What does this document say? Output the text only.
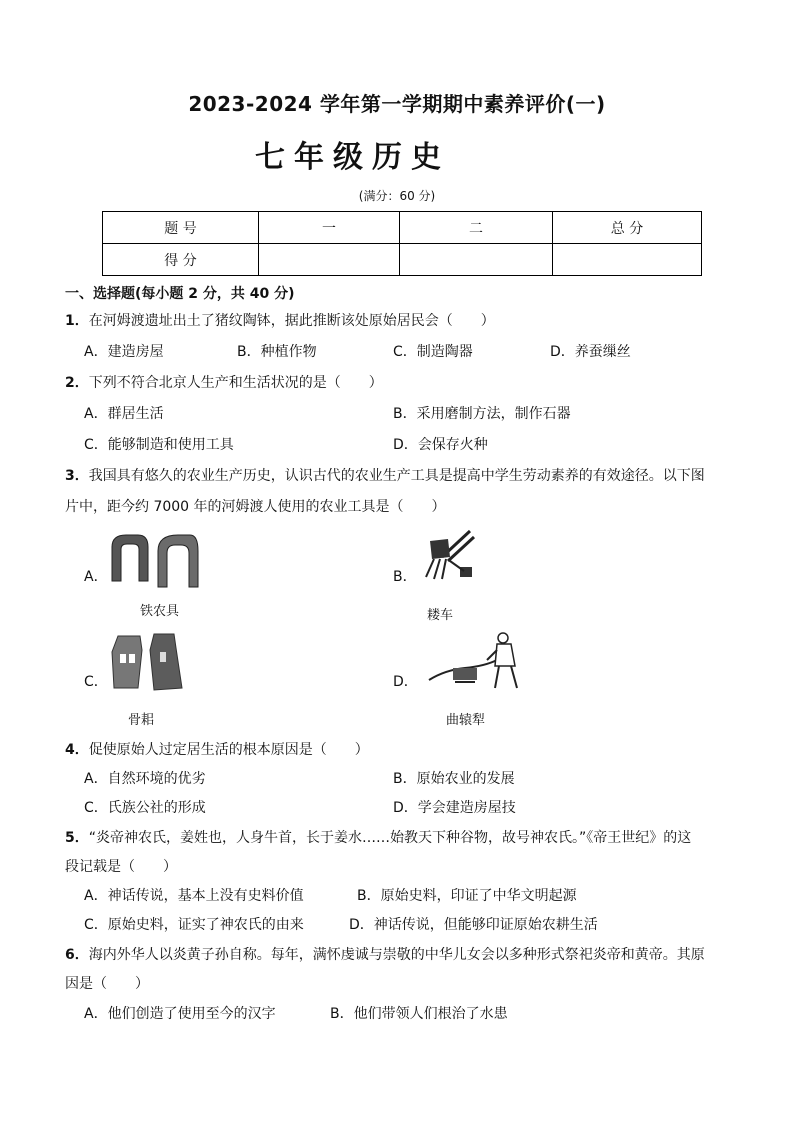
2023-2024 学年第一学期期中素养评价(一)
七年级历史
(满分：60 分)
题 号	一	二	总 分
得 分			
一、选择题(每小题 2 分，共 40 分)
1．在河姆渡遗址出土了猪纹陶钵，据此推断该处原始居民会（　　）
A．建造房屋	B．种植作物	C．制造陶器	D．养蚕缫丝
2．下列不符合北京人生产和生活状况的是（　　）
A．群居生活	B．采用磨制方法，制作石器
C．能够制造和使用工具	D．会保存火种
3．我国具有悠久的农业生产历史，认识古代的农业生产工具是提高中学生劳动素养的有效途径。以下图
片中，距今约 7000 年的河姆渡人使用的农业工具是（　　）
A．
铁农具
B．
耧车
C．
骨耜
D．
曲辕犁
4．促使原始人过定居生活的根本原因是（　　）
A．自然环境的优劣	B．原始农业的发展
C．氏族公社的形成	D．学会建造房屋技
5．“炎帝神农氏，姜姓也，人身牛首，长于姜水……始教天下种谷物，故号神农氏。”《帝王世纪》的这
段记载是（　　）
A．神话传说，基本上没有史料价值	B．原始史料，印证了中华文明起源
C．原始史料，证实了神农氏的由来	D．神话传说，但能够印证原始农耕生活
6．海内外华人以炎黄子孙自称。每年，满怀虔诚与崇敬的中华儿女会以多种形式祭祀炎帝和黄帝。其原
因是（　　）
A．他们创造了使用至今的汉字	B．他们带领人们根治了水患
